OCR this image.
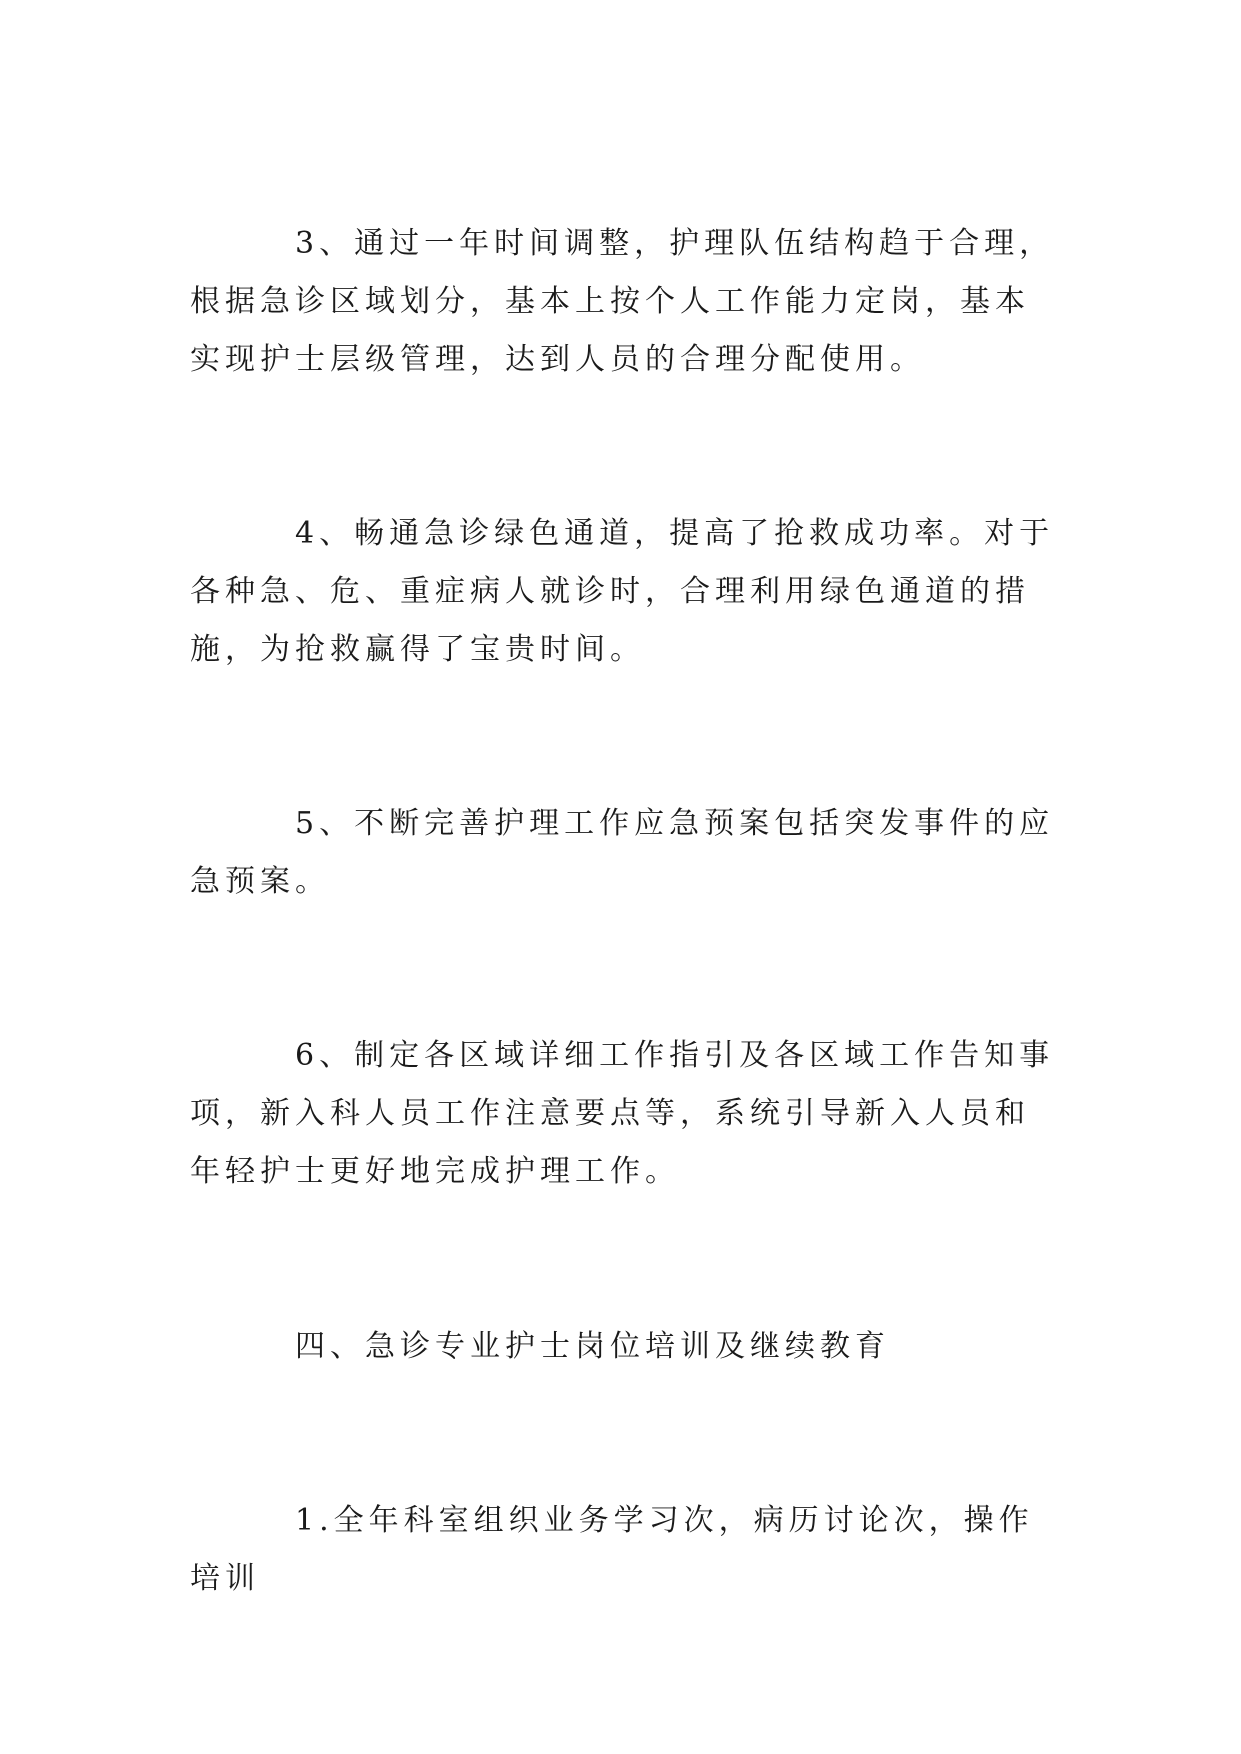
3、通过一年时间调整，护理队伍结构趋于合理，根据急诊区域划分，基本上按个人工作能力定岗，基本实现护士层级管理，达到人员的合理分配使用。

4、畅通急诊绿色通道，提高了抢救成功率。对于各种急、危、重症病人就诊时，合理利用绿色通道的措施，为抢救赢得了宝贵时间。

5、不断完善护理工作应急预案包括突发事件的应急预案。

6、制定各区域详细工作指引及各区域工作告知事项，新入科人员工作注意要点等，系统引导新入人员和年轻护士更好地完成护理工作。

四、急诊专业护士岗位培训及继续教育

1.全年科室组织业务学习次，病历讨论次，操作培训
